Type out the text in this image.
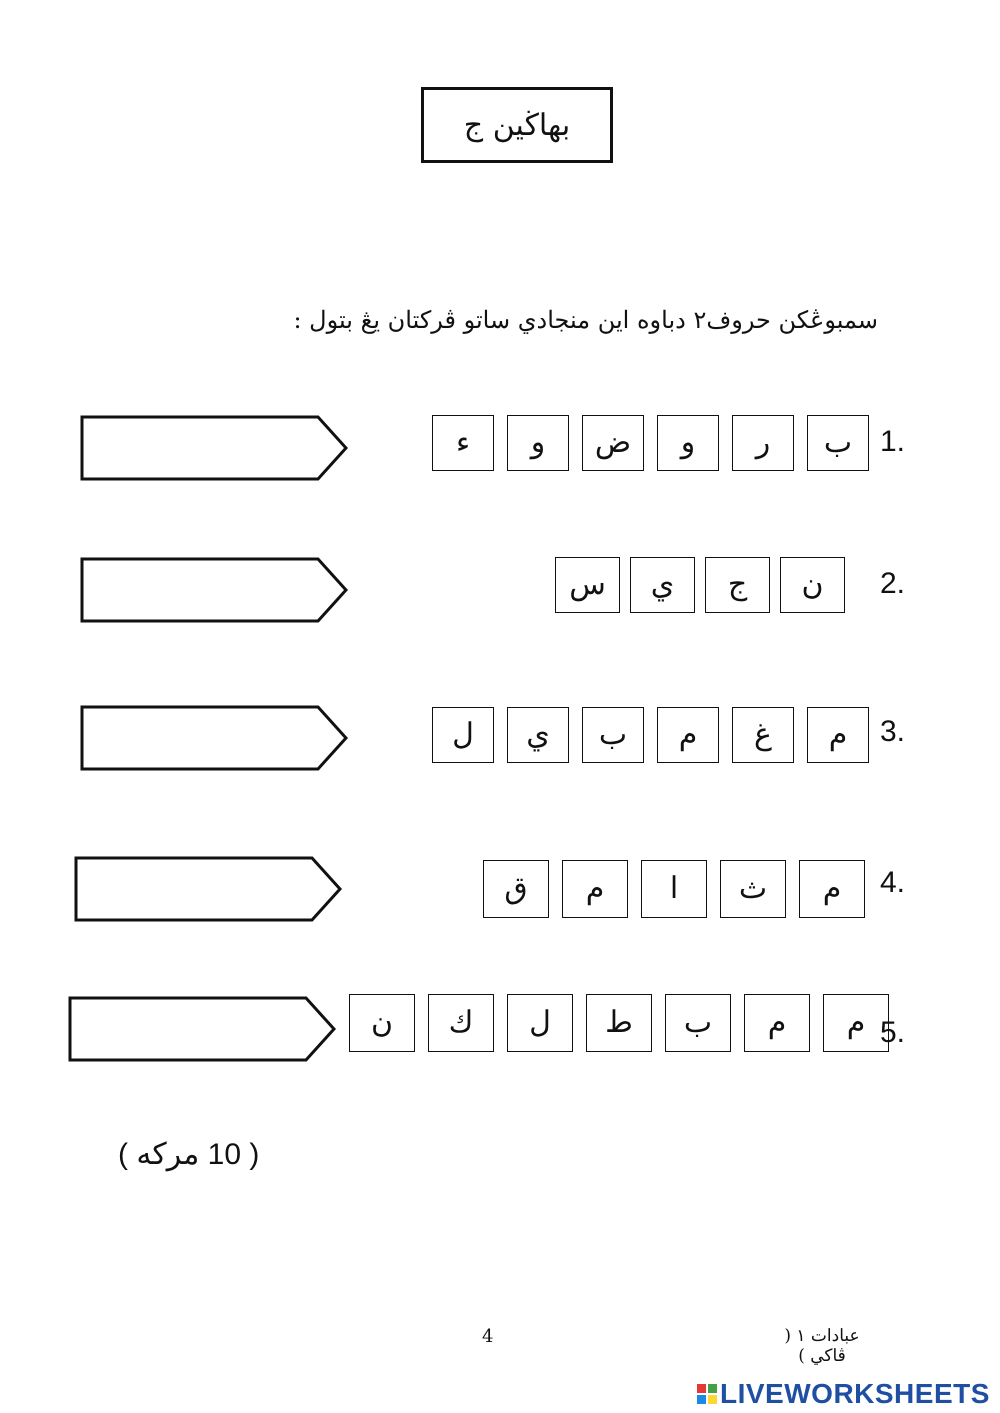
بهاڬين ج
سمبوڠكن حروف٢ دباوه اين منجادي ساتو ڤركتان يڠ بتول :
ب
ر
و
ض
و
ء	1.
ن
ج
ي
س	2.
م
غ
م
ب
ي
ل	3.
م
ث
ا
م
ق	4.
م
م
ب
ط
ل
ك
ن	5.
( 10 مركه )
4	عبادات ١ ( ڤاكي )
LIVEWORKSHEETS
